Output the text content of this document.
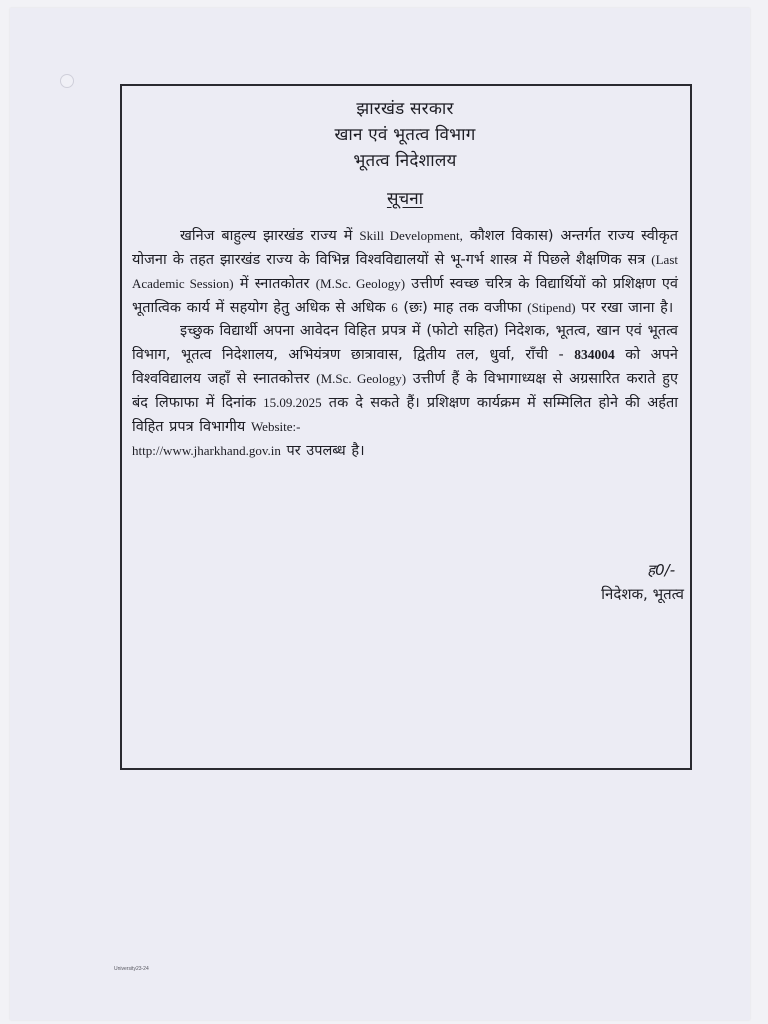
झारखंड सरकार
खान एवं भूतत्व विभाग
भूतत्व निदेशालय
सूचना

खनिज बाहुल्य झारखंड राज्य में Skill Development, कौशल विकास) अन्तर्गत राज्य स्वीकृत योजना के तहत झारखंड राज्य के विभिन्न विश्वविद्यालयों से भू-गर्भ शास्त्र में पिछले शैक्षणिक सत्र (Last Academic Session) में स्नातकोतर (M.Sc. Geology) उत्तीर्ण स्वच्छ चरित्र के विद्यार्थियों को प्रशिक्षण एवं भूतात्विक कार्य में सहयोग हेतु अधिक से अधिक 6 (छः) माह तक वजीफा (Stipend) पर रखा जाना है।

इच्छुक विद्यार्थी अपना आवेदन विहित प्रपत्र में (फोटो सहित) निदेशक, भूतत्व, खान एवं भूतत्व विभाग, भूतत्व निदेशालय, अभियंत्रण छात्रावास, द्वितीय तल, धुर्वा, राँची - 834004 को अपने विश्वविद्यालय जहाँ से स्नातकोत्तर (M.Sc. Geology) उत्तीर्ण हैं के विभागाध्यक्ष से अग्रसारित कराते हुए बंद लिफाफा में दिनांक 15.09.2025 तक दे सकते हैं। प्रशिक्षण कार्यक्रम में सम्मिलित होने की अर्हता विहित प्रपत्र विभागीय Website:-
http://www.jharkhand.gov.in पर उपलब्ध है।

ह0/-
निदेशक, भूतत्व
University23-24
